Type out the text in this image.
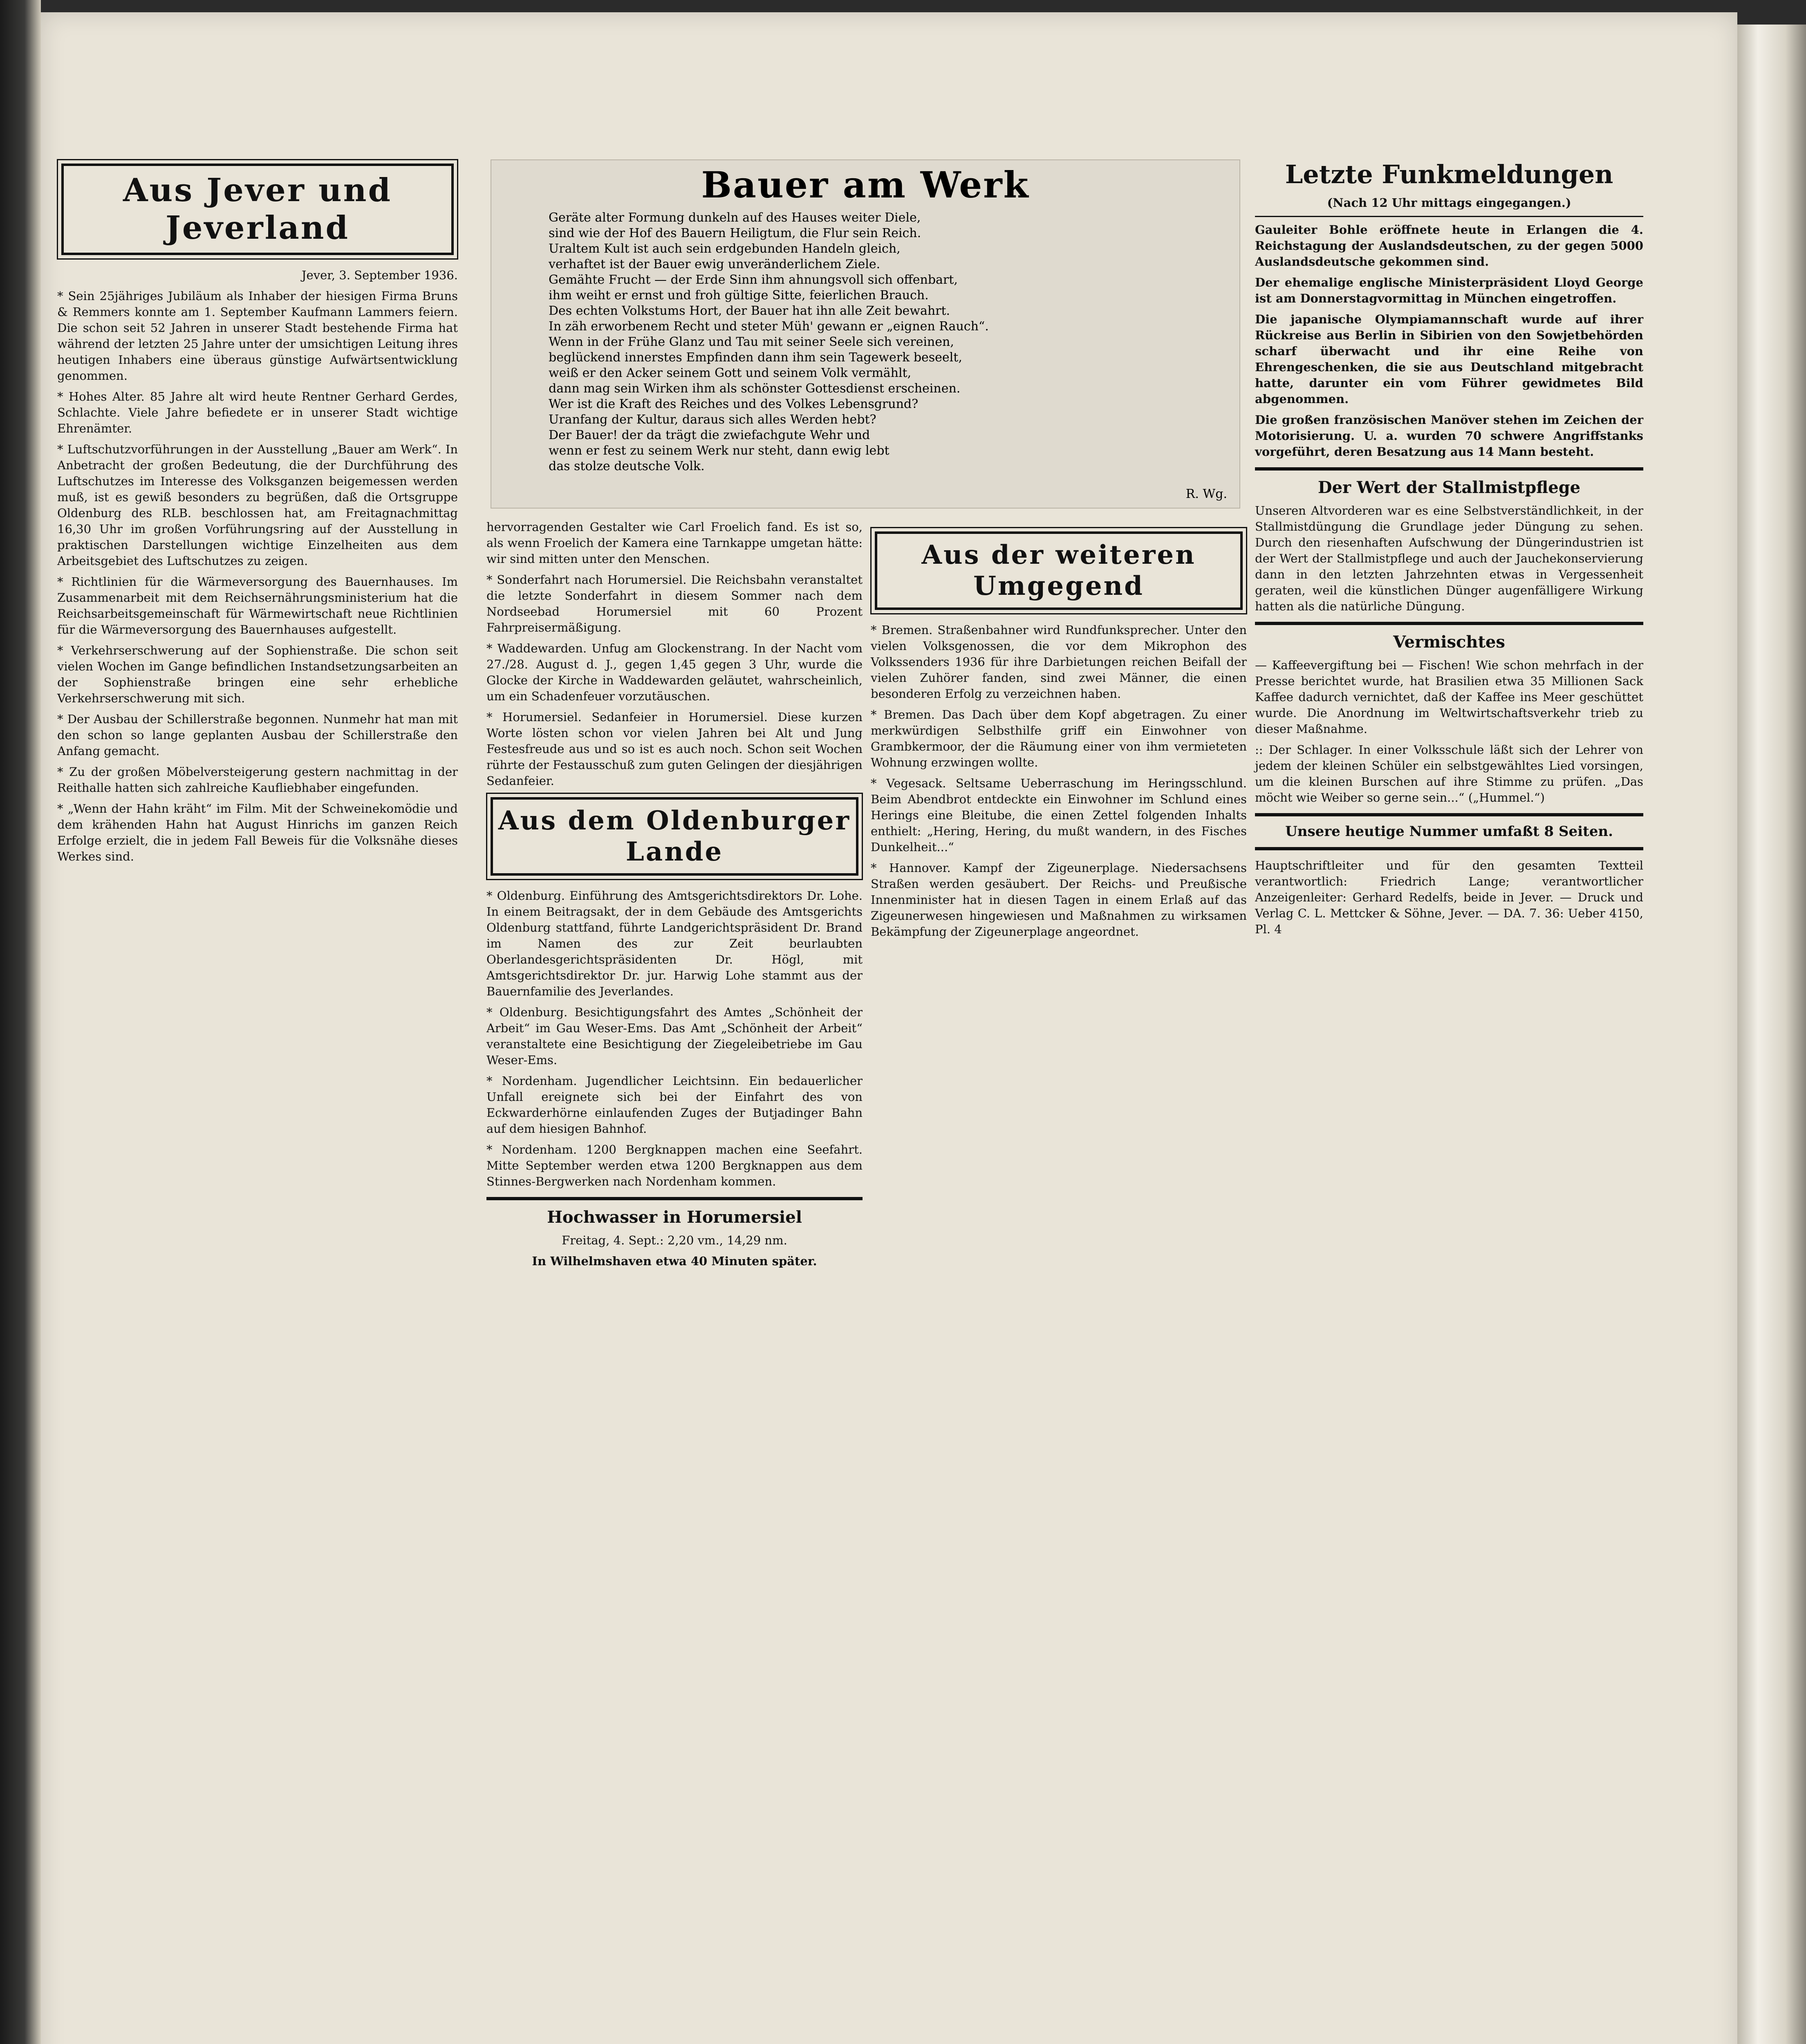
Aus Jever und Jeverland

Jever, 3. September 1936.

* Sein 25jähriges Jubiläum als Inhaber der hiesigen Firma Bruns & Remmers konnte am 1. September Kaufmann Lammers feiern. Die schon seit 52 Jahren in unserer Stadt bestehende Firma hat während der letzten 25 Jahre unter der umsichtigen Leitung ihres heutigen Inhabers eine überaus günstige Aufwärtsentwicklung genommen.

* Hohes Alter. 85 Jahre alt wird heute Rentner Gerhard Gerdes, Schlachte. Viele Jahre befiedete er in unserer Stadt wichtige Ehrenämter.

* Luftschutzvorführungen in der Ausstellung „Bauer am Werk“. In Anbetracht der großen Bedeutung, die der Durchführung des Luftschutzes im Interesse des Volksganzen beigemessen werden muß, ist es gewiß besonders zu begrüßen, daß die Ortsgruppe Oldenburg des RLB. beschlossen hat, am Freitagnachmittag 16,30 Uhr im großen Vorführungsring auf der Ausstellung in praktischen Darstellungen wichtige Einzelheiten aus dem Arbeitsgebiet des Luftschutzes zu zeigen.

* Richtlinien für die Wärmeversorgung des Bauernhauses. Im Zusammenarbeit mit dem Reichsernährungsministerium hat die Reichsarbeitsgemeinschaft für Wärmewirtschaft neue Richtlinien für die Wärmeversorgung des Bauernhauses aufgestellt.

* Verkehrserschwerung auf der Sophienstraße. Die schon seit vielen Wochen im Gange befindlichen Instandsetzungsarbeiten an der Sophienstraße bringen eine sehr erhebliche Verkehrserschwerung mit sich.

* Der Ausbau der Schillerstraße begonnen. Nunmehr hat man mit den schon so lange geplanten Ausbau der Schillerstraße den Anfang gemacht.

* Zu der großen Möbelversteigerung gestern nachmittag in der Reithalle hatten sich zahlreiche Kaufliebhaber eingefunden.

* „Wenn der Hahn kräht“ im Film. Mit der Schweinekomödie und dem krähenden Hahn hat August Hinrichs im ganzen Reich Erfolge erzielt, die in jedem Fall Beweis für die Volksnähe dieses Werkes sind.

Bauer am Werk

Geräte alter Formung dunkeln auf des Hauses weiter Diele,
sind wie der Hof des Bauern Heiligtum, die Flur sein Reich.
Uraltem Kult ist auch sein erdgebunden Handeln gleich,
verhaftet ist der Bauer ewig unveränderlichem Ziele.
Gemähte Frucht — der Erde Sinn ihm ahnungsvoll sich offenbart,
ihm weiht er ernst und froh gültige Sitte, feierlichen Brauch.
Des echten Volkstums Hort, der Bauer hat ihn alle Zeit bewahrt.
In zäh erworbenem Recht und steter Müh' gewann er „eignen Rauch“.
Wenn in der Frühe Glanz und Tau mit seiner Seele sich vereinen,
beglückend innerstes Empfinden dann ihm sein Tagewerk beseelt,
weiß er den Acker seinem Gott und seinem Volk vermählt,
dann mag sein Wirken ihm als schönster Gottesdienst erscheinen.
Wer ist die Kraft des Reiches und des Volkes Lebensgrund?
Uranfang der Kultur, daraus sich alles Werden hebt?
Der Bauer! der da trägt die zwiefachgute Wehr und
wenn er fest zu seinem Werk nur steht, dann ewig lebt
das stolze deutsche Volk.

R. Wg.

hervorragenden Gestalter wie Carl Froelich fand. Es ist so, als wenn Froelich der Kamera eine Tarnkappe umgetan hätte: wir sind mitten unter den Menschen.

* Sonderfahrt nach Horumersiel. Die Reichsbahn veranstaltet die letzte Sonderfahrt in diesem Sommer nach dem Nordseebad Horumersiel mit 60 Prozent Fahrpreisermäßigung.

* Waddewarden. Unfug am Glockenstrang. In der Nacht vom 27./28. August d. J., gegen 1,45 gegen 3 Uhr, wurde die Glocke der Kirche in Waddewarden geläutet, wahrscheinlich, um ein Schadenfeuer vorzutäuschen.

* Horumersiel. Sedanfeier in Horumersiel. Diese kurzen Worte lösten schon vor vielen Jahren bei Alt und Jung Festesfreude aus und so ist es auch noch. Schon seit Wochen rührte der Festausschuß zum guten Gelingen der diesjährigen Sedanfeier.

Aus dem Oldenburger Lande

* Oldenburg. Einführung des Amtsgerichtsdirektors Dr. Lohe. In einem Beitragsakt, der in dem Gebäude des Amtsgerichts Oldenburg stattfand, führte Landgerichtspräsident Dr. Brand im Namen des zur Zeit beurlaubten Oberlandesgerichtspräsidenten Dr. Högl, mit Amtsgerichtsdirektor Dr. jur. Harwig Lohe stammt aus der Bauernfamilie des Jeverlandes.

* Oldenburg. Besichtigungsfahrt des Amtes „Schönheit der Arbeit“ im Gau Weser-Ems. Das Amt „Schönheit der Arbeit“ veranstaltete eine Besichtigung der Ziegeleibetriebe im Gau Weser-Ems.

* Nordenham. Jugendlicher Leichtsinn. Ein bedauerlicher Unfall ereignete sich bei der Einfahrt des von Eckwarderhörne einlaufenden Zuges der Butjadinger Bahn auf dem hiesigen Bahnhof.

* Nordenham. 1200 Bergknappen machen eine Seefahrt. Mitte September werden etwa 1200 Bergknappen aus dem Stinnes-Bergwerken nach Nordenham kommen.

Hochwasser in Horumersiel

Freitag, 4. Sept.: 2,20 vm., 14,29 nm.

In Wilhelmshaven etwa 40 Minuten später.

Aus der weiteren Umgegend

* Bremen. Straßenbahner wird Rundfunksprecher. Unter den vielen Volksgenossen, die vor dem Mikrophon des Volkssenders 1936 für ihre Darbietungen reichen Beifall der vielen Zuhörer fanden, sind zwei Männer, die einen besonderen Erfolg zu verzeichnen haben.

* Bremen. Das Dach über dem Kopf abgetragen. Zu einer merkwürdigen Selbsthilfe griff ein Einwohner von Grambkermoor, der die Räumung einer von ihm vermieteten Wohnung erzwingen wollte.

* Vegesack. Seltsame Ueberraschung im Heringsschlund. Beim Abendbrot entdeckte ein Einwohner im Schlund eines Herings eine Bleitube, die einen Zettel folgenden Inhalts enthielt: „Hering, Hering, du mußt wandern, in des Fisches Dunkelheit...“

* Hannover. Kampf der Zigeunerplage. Niedersachsens Straßen werden gesäubert. Der Reichs- und Preußische Innenminister hat in diesen Tagen in einem Erlaß auf das Zigeunerwesen hingewiesen und Maßnahmen zu wirksamen Bekämpfung der Zigeunerplage angeordnet.

Letzte Funkmeldungen

(Nach 12 Uhr mittags eingegangen.)

Gauleiter Bohle eröffnete heute in Erlangen die 4. Reichstagung der Auslandsdeutschen, zu der gegen 5000 Auslandsdeutsche gekommen sind.

Der ehemalige englische Ministerpräsident Lloyd George ist am Donnerstagvormittag in München eingetroffen.

Die japanische Olympiamannschaft wurde auf ihrer Rückreise aus Berlin in Sibirien von den Sowjetbehörden scharf überwacht und ihr eine Reihe von Ehrengeschenken, die sie aus Deutschland mitgebracht hatte, darunter ein vom Führer gewidmetes Bild abgenommen.

Die großen französischen Manöver stehen im Zeichen der Motorisierung. U. a. wurden 70 schwere Angriffstanks vorgeführt, deren Besatzung aus 14 Mann besteht.

Der Wert der Stallmistpflege

Unseren Altvorderen war es eine Selbstverständlichkeit, in der Stallmistdüngung die Grundlage jeder Düngung zu sehen. Durch den riesenhaften Aufschwung der Düngerindustrien ist der Wert der Stallmistpflege und auch der Jauchekonservierung dann in den letzten Jahrzehnten etwas in Vergessenheit geraten, weil die künstlichen Dünger augenfälligere Wirkung hatten als die natürliche Düngung.

Vermischtes

— Kaffeevergiftung bei — Fischen! Wie schon mehrfach in der Presse berichtet wurde, hat Brasilien etwa 35 Millionen Sack Kaffee dadurch vernichtet, daß der Kaffee ins Meer geschüttet wurde. Die Anordnung im Weltwirtschaftsverkehr trieb zu dieser Maßnahme.

:: Der Schlager. In einer Volksschule läßt sich der Lehrer von jedem der kleinen Schüler ein selbstgewähltes Lied vorsingen, um die kleinen Burschen auf ihre Stimme zu prüfen. „Das möcht wie Weiber so gerne sein...“ („Hummel.“)

Unsere heutige Nummer umfaßt 8 Seiten.

Hauptschriftleiter und für den gesamten Textteil verantwortlich: Friedrich Lange; verantwortlicher Anzeigenleiter: Gerhard Redelfs, beide in Jever. — Druck und Verlag C. L. Mettcker & Söhne, Jever. — DA. 7. 36: Ueber 4150, Pl. 4
